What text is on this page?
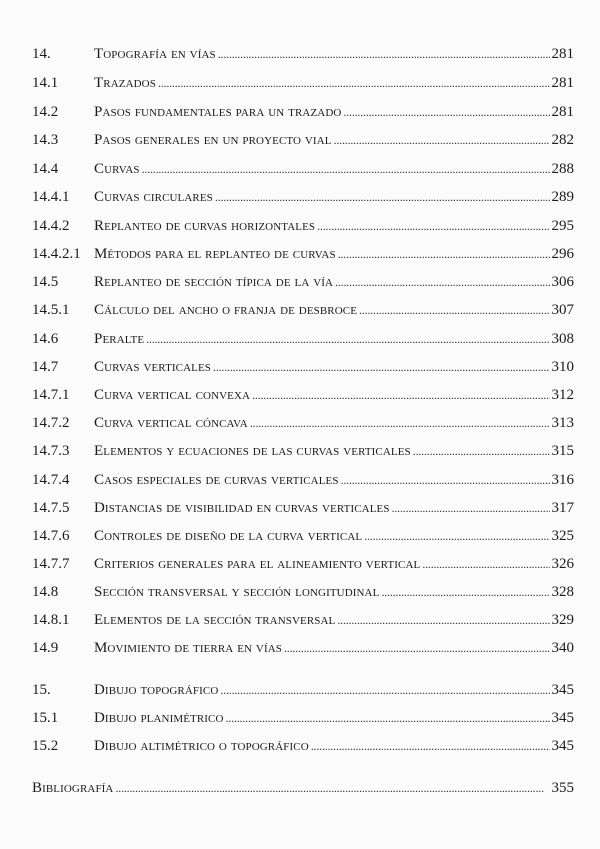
14.	Topografía en vías . . .	281
14.1 Trazados . . .	281
14.2 Pasos fundamentales para un trazado . . .	281
14.3 Pasos generales en un proyecto vial . . .	282
14.4 Curvas . . .	288
14.4.1 Curvas circulares . . .	289
14.4.2 Replanteo de curvas horizontales . . .	295
14.4.2.1 Métodos para el replanteo de curvas . . .	296
14.5 Replanteo de sección típica de la vía . . .	306
14.5.1 Cálculo del ancho o franja de desbroce . . .	307
14.6 Peralte . . .	308
14.7 Curvas verticales . . .	310
14.7.1 Curva vertical convexa . . .	312
14.7.2 Curva vertical cóncava . . .	313
14.7.3 Elementos y ecuaciones de las curvas verticales . . .	315
14.7.4 Casos especiales de curvas verticales . . .	316
14.7.5 Distancias de visibilidad en curvas verticales . . .	317
14.7.6 Controles de diseño de la curva vertical . . .	325
14.7.7 Criterios generales para el alineamiento vertical . . .	326
14.8 Sección transversal y sección longitudinal . . .	328
14.8.1 Elementos de la sección transversal . . .	329
14.9 Movimiento de tierra en vías . . .	340
15.	Dibujo topográfico . . .	345
15.1 Dibujo planimétrico . . .	345
15.2 Dibujo altimétrico o topográfico . . .	345
Bibliografía . . .	355
